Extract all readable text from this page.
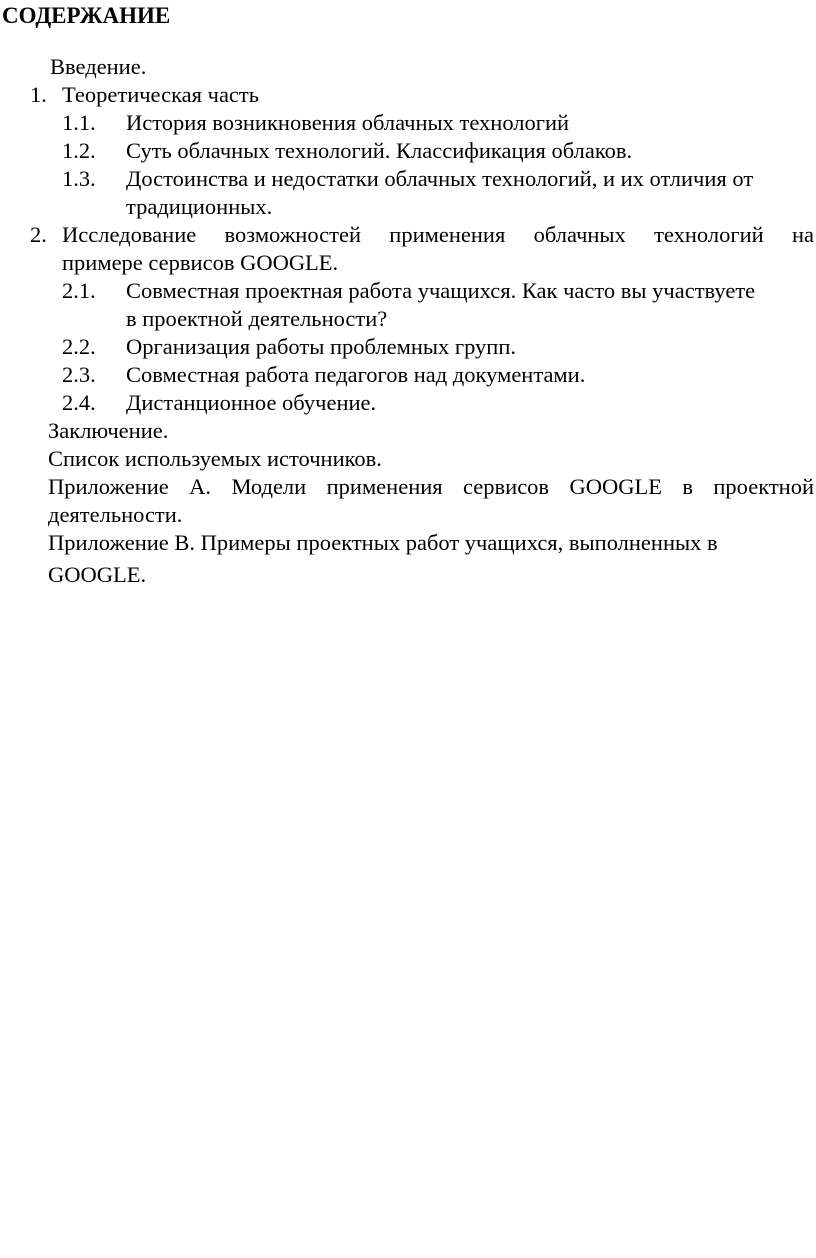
СОДЕРЖАНИЕ

Введение.

1. Теоретическая часть
1.1. История возникновения облачных технологий
1.2. Суть облачных технологий. Классификация облаков.
1.3. Достоинства и недостатки облачных технологий, и их отличия от
традиционных.
2. Исследование возможностей применения облачных технологий на
примере сервисов GOOGLE.
2.1. Совместная проектная работа учащихся. Как часто вы участвуете
в проектной деятельности?
2.2. Организация работы проблемных групп.
2.3. Совместная работа педагогов над документами.
2.4. Дистанционное обучение.

Заключение.

Список используемых источников.

Приложение А. Модели применения сервисов GOOGLE в проектной

деятельности.

Приложение В. Примеры проектных работ учащихся, выполненных в

GOOGLE.
